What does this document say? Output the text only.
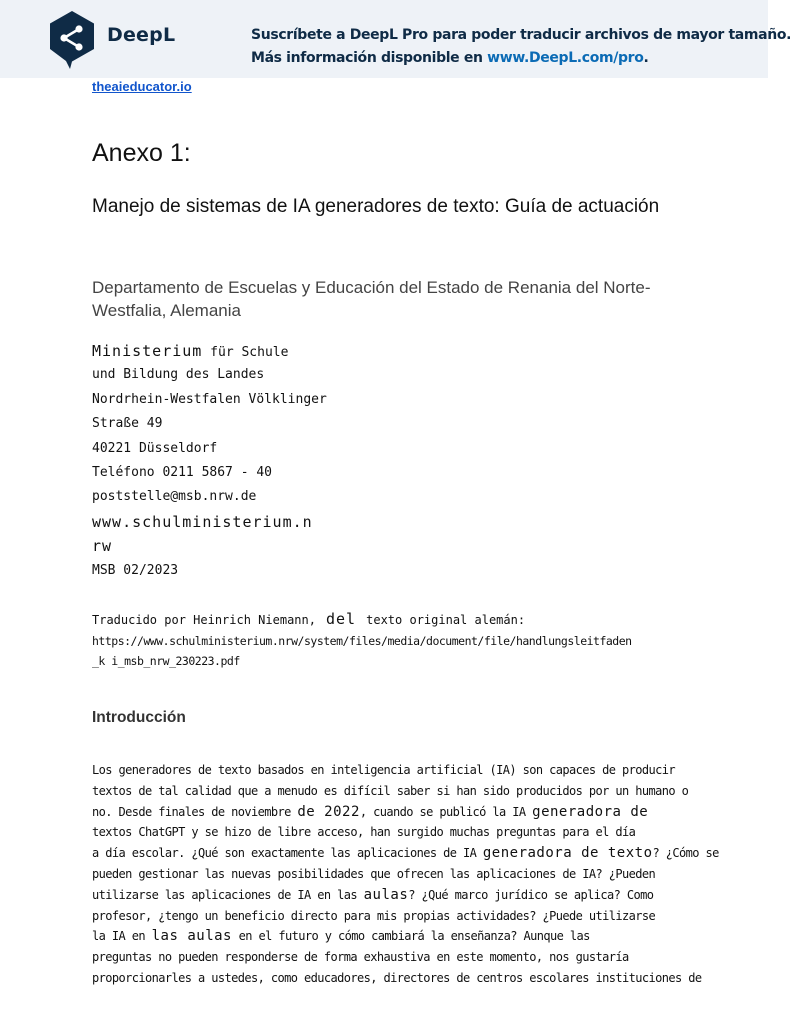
DeepL	Suscríbete a DeepL Pro para poder traducir archivos de mayor tamaño.
Más información disponible en www.DeepL.com/pro.
theaieducator.io
Anexo 1:
Manejo de sistemas de IA generadores de texto: Guía de actuación
Departamento de Escuelas y Educación del Estado de Renania del Norte-Westfalia, Alemania
Ministerium für Schule
und Bildung des Landes
Nordrhein-Westfalen Völklinger
Straße 49
40221 Düsseldorf
Teléfono 0211 5867 - 40
poststelle@msb.nrw.de
www.schulministerium.n
rw
MSB 02/2023
Traducido por Heinrich Niemann, del texto original alemán:
https://www.schulministerium.nrw/system/files/media/document/file/handlungsleitfaden
_k i_msb_nrw_230223.pdf
Introducción
Los generadores de texto basados en inteligencia artificial (IA) son capaces de producir
textos de tal calidad que a menudo es difícil saber si han sido producidos por un humano o
no. Desde finales de noviembre de 2022, cuando se publicó la IA generadora de
textos ChatGPT y se hizo de libre acceso, han surgido muchas preguntas para el día
a día escolar. ¿Qué son exactamente las aplicaciones de IA generadora de texto? ¿Cómo se
pueden gestionar las nuevas posibilidades que ofrecen las aplicaciones de IA? ¿Pueden
utilizarse las aplicaciones de IA en las aulas? ¿Qué marco jurídico se aplica? Como
profesor, ¿tengo un beneficio directo para mis propias actividades? ¿Puede utilizarse
la IA en las aulas en el futuro y cómo cambiará la enseñanza? Aunque las
preguntas no pueden responderse de forma exhaustiva en este momento, nos gustaría
proporcionarles a ustedes, como educadores, directores de centros escolares instituciones de
